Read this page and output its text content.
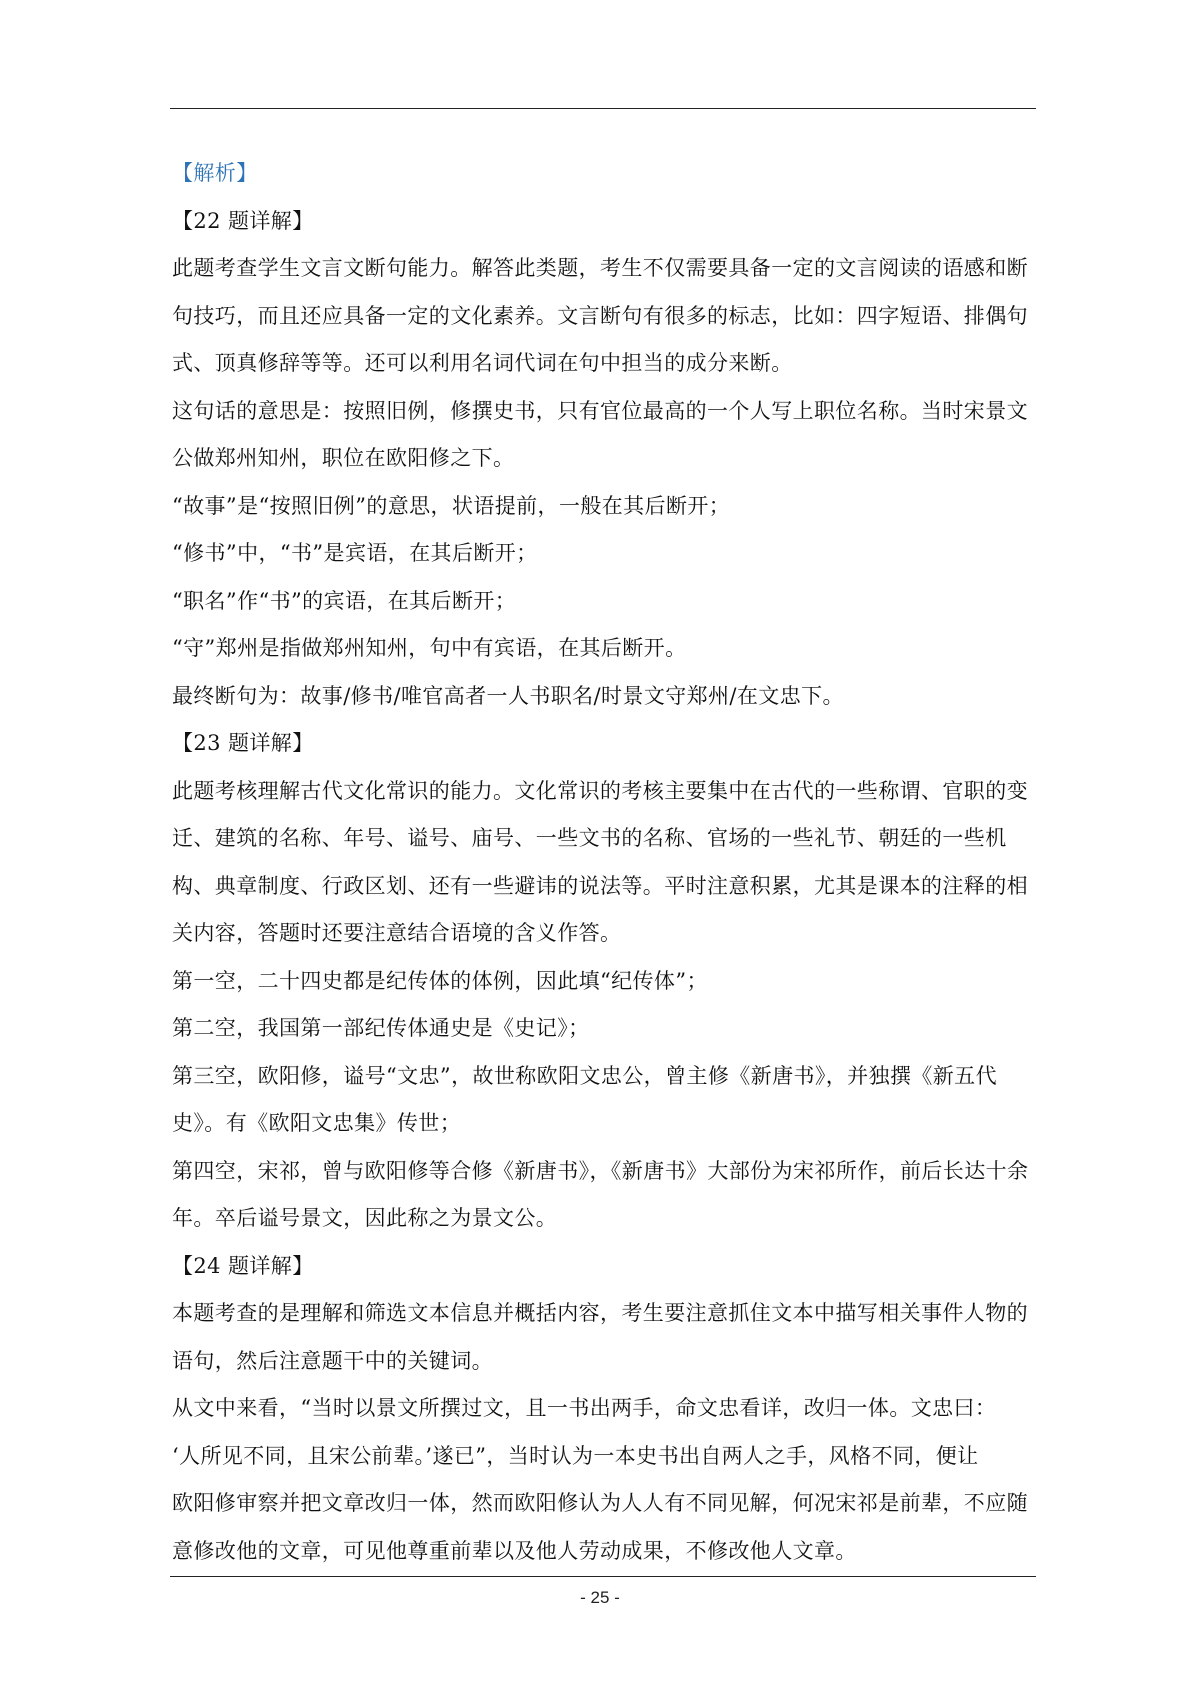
【解析】
【22 题详解】
此题考查学生文言文断句能力。解答此类题，考生不仅需要具备一定的文言阅读的语感和断
句技巧，而且还应具备一定的文化素养。文言断句有很多的标志，比如：四字短语、排偶句
式、顶真修辞等等。还可以利用名词代词在句中担当的成分来断。
这句话的意思是：按照旧例，修撰史书，只有官位最高的一个人写上职位名称。当时宋景文
公做郑州知州，职位在欧阳修之下。
“故事”是“按照旧例”的意思，状语提前，一般在其后断开；
“修书”中，“书”是宾语，在其后断开；
“职名”作“书”的宾语，在其后断开；
“守”郑州是指做郑州知州，句中有宾语，在其后断开。
最终断句为：故事/修书/唯官高者一人书职名/时景文守郑州/在文忠下。
【23 题详解】
此题考核理解古代文化常识的能力。文化常识的考核主要集中在古代的一些称谓、官职的变
迁、建筑的名称、年号、谥号、庙号、一些文书的名称、官场的一些礼节、朝廷的一些机
构、典章制度、行政区划、还有一些避讳的说法等。平时注意积累，尤其是课本的注释的相
关内容，答题时还要注意结合语境的含义作答。
第一空，二十四史都是纪传体的体例，因此填“纪传体”；
第二空，我国第一部纪传体通史是《史记》；
第三空，欧阳修，谥号“文忠”，故世称欧阳文忠公，曾主修《新唐书》，并独撰《新五代
史》。有《欧阳文忠集》传世；
第四空，宋祁，曾与欧阳修等合修《新唐书》，《新唐书》大部份为宋祁所作，前后长达十余
年。卒后谥号景文，因此称之为景文公。
【24 题详解】
本题考查的是理解和筛选文本信息并概括内容，考生要注意抓住文本中描写相关事件人物的
语句，然后注意题干中的关键词。
从文中来看，“当时以景文所撰过文，且一书出两手，命文忠看详，改归一体。文忠曰：
‘人所见不同，且宋公前辈。’遂已”，当时认为一本史书出自两人之手，风格不同，便让
欧阳修审察并把文章改归一体，然而欧阳修认为人人有不同见解，何况宋祁是前辈，不应随
意修改他的文章，可见他尊重前辈以及他人劳动成果，不修改他人文章。
- 25 -
